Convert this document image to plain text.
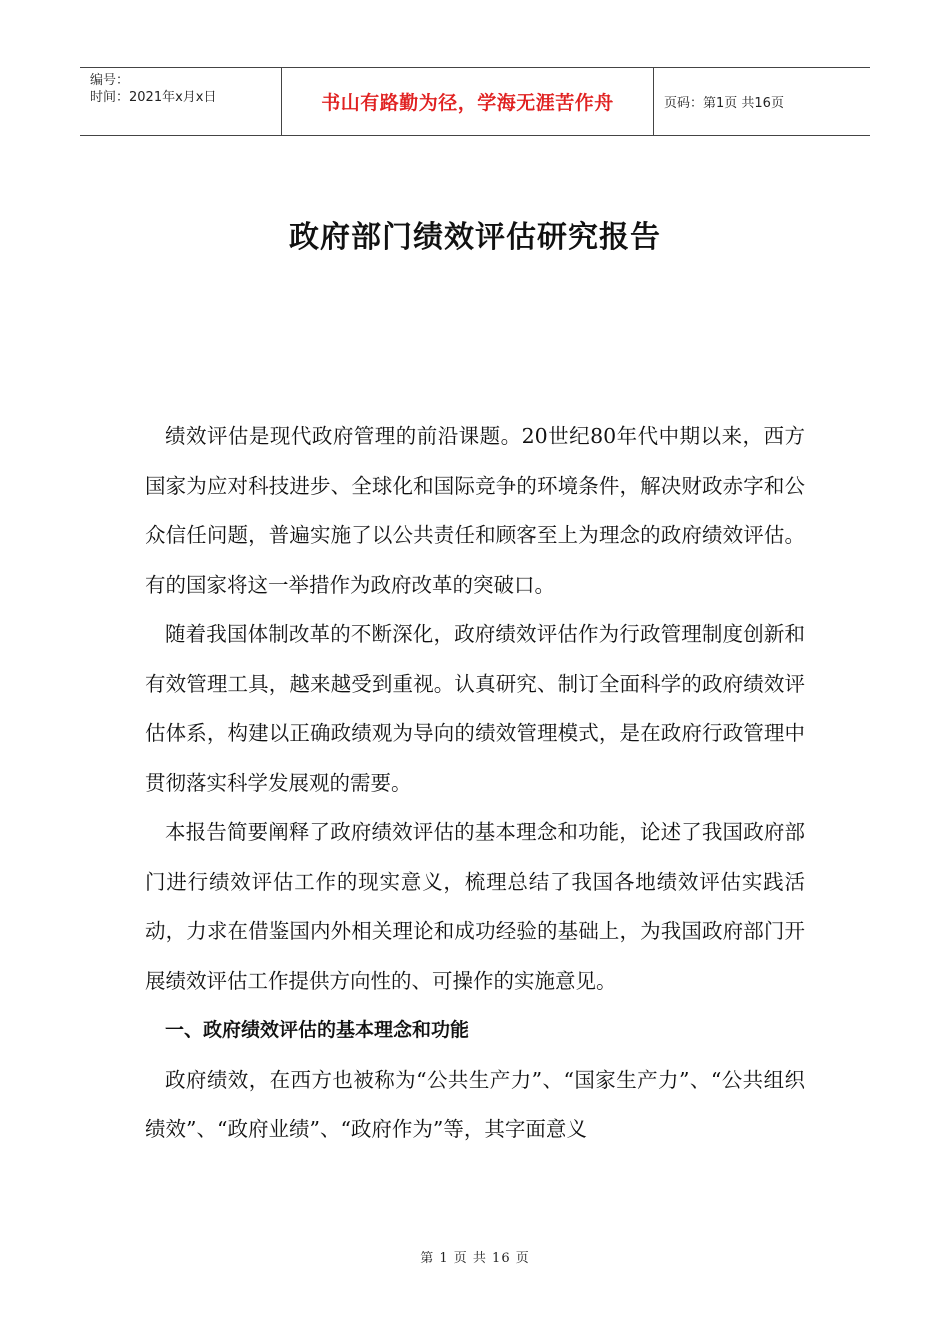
编号：
时间：2021年x月x日	书山有路勤为径，学海无涯苦作舟	页码：第1页 共16页
政府部门绩效评估研究报告

绩效评估是现代政府管理的前沿课题。20世纪80年代中期以来，西方国家为应对科技进步、全球化和国际竞争的环境条件，解决财政赤字和公众信任问题，普遍实施了以公共责任和顾客至上为理念的政府绩效评估。有的国家将这一举措作为政府改革的突破口。

随着我国体制改革的不断深化，政府绩效评估作为行政管理制度创新和有效管理工具，越来越受到重视。认真研究、制订全面科学的政府绩效评估体系，构建以正确政绩观为导向的绩效管理模式，是在政府行政管理中贯彻落实科学发展观的需要。

本报告简要阐释了政府绩效评估的基本理念和功能，论述了我国政府部门进行绩效评估工作的现实意义，梳理总结了我国各地绩效评估实践活动，力求在借鉴国内外相关理论和成功经验的基础上，为我国政府部门开展绩效评估工作提供方向性的、可操作的实施意见。

一、政府绩效评估的基本理念和功能

政府绩效，在西方也被称为“公共生产力”、“国家生产力”、“公共组织绩效”、“政府业绩”、“政府作为”等，其字面意义

第 1 页 共 16 页
